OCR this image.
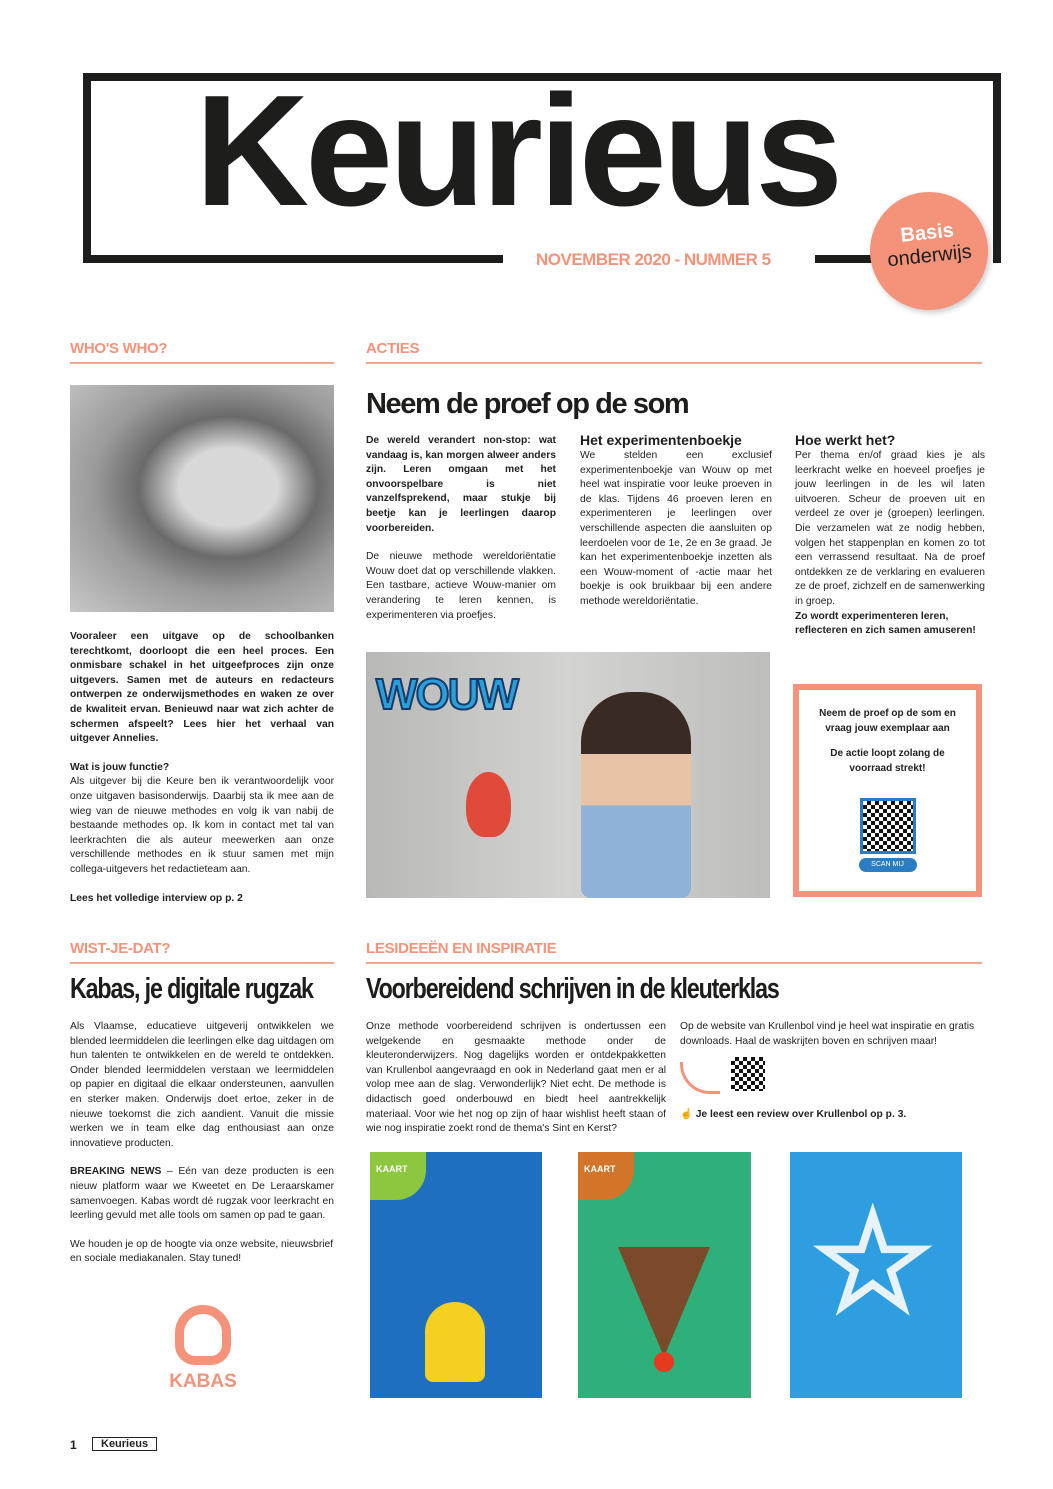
Keurieus
NOVEMBER 2020 - NUMMER 5
Basis
onderwijs
WHO'S WHO?	ACTIES

Vooraleer een uitgave op de schoolbanken terechtkomt, doorloopt die een heel proces. Een onmisbare schakel in het uitgeefproces zijn onze uitgevers. Samen met de auteurs en redacteurs ontwerpen ze onderwijsmethodes en waken ze over de kwaliteit ervan. Benieuwd naar wat zich achter de schermen afspeelt? Lees hier het verhaal van uitgever Annelies.

Wat is jouw functie?

Als uitgever bij die Keure ben ik verantwoordelijk voor onze uitgaven basisonderwijs. Daarbij sta ik mee aan de wieg van de nieuwe methodes en volg ik van nabij de bestaande methodes op. Ik kom in contact met tal van leerkrachten die als auteur meewerken aan onze verschillende methodes en ik stuur samen met mijn collega-uitgevers het redactieteam aan.

Lees het volledige interview op p. 2

Neem de proef op de som

De wereld verandert non-stop: wat vandaag is, kan morgen alweer anders zijn. Leren omgaan met het onvoorspelbare is niet vanzelfsprekend, maar stukje bij beetje kan je leerlingen daarop voorbereiden.

De nieuwe methode wereldoriëntatie Wouw doet dat op verschillende vlakken. Een tastbare, actieve Wouw-manier om verandering te leren kennen, is experimenteren via proefjes.

Het experimentenboekje

We stelden een exclusief experimentenboekje van Wouw op met heel wat inspiratie voor leuke proeven in de klas. Tijdens 46 proeven leren en experimenteren je leerlingen over verschillende aspecten die aansluiten op leerdoelen voor de 1e, 2e en 3e graad. Je kan het experimentenboekje inzetten als een Wouw-moment of -actie maar het boekje is ook bruikbaar bij een andere methode wereldoriëntatie.

Hoe werkt het?

Per thema en/of graad kies je als leerkracht welke en hoeveel proefjes je jouw leerlingen in de les wil laten uitvoeren. Scheur de proeven uit en verdeel ze over je (groepen) leerlingen. Die verzamelen wat ze nodig hebben, volgen het stappenplan en komen zo tot een verrassend resultaat. Na de proef ontdekken ze de verklaring en evalueren ze de proef, zichzelf en de samenwerking in groep.

Zo wordt experimenteren leren, reflecteren en zich samen amuseren!

WOUW	Neem de proef op de som en vraag jouw exemplaar aan
De actie loopt zolang de voorraad strekt!
SCAN MIJ
WIST-JE-DAT?	LESIDEEËN EN INSPIRATIE
Kabas, je digitale rugzak

Als Vlaamse, educatieve uitgeverij ontwikkelen we blended leermiddelen die leerlingen elke dag uitdagen om hun talenten te ontwikkelen en de wereld te ontdekken. Onder blended leermiddelen verstaan we leermiddelen op papier en digitaal die elkaar ondersteunen, aanvullen en sterker maken. Onderwijs doet ertoe, zeker in de nieuwe toekomst die zich aandient. Vanuit die missie werken we in team elke dag enthousiast aan onze innovatieve producten.

BREAKING NEWS – Eén van deze producten is een nieuw platform waar we Kweetet en De Leraarskamer samenvoegen. Kabas wordt dé rugzak voor leerkracht en leerling gevuld met alle tools om samen op pad te gaan.

We houden je op de hoogte via onze website, nieuwsbrief en sociale mediakanalen. Stay tuned!

KABAS
Voorbereidend schrijven in de kleuterklas

Onze methode voorbereidend schrijven is ondertussen een welgekende en gesmaakte methode onder de kleuteronderwijzers. Nog dagelijks worden er ontdekpakketten van Krullenbol aangevraagd en ook in Nederland gaat men er al volop mee aan de slag. Verwonderlijk? Niet echt. De methode is didactisch goed onderbouwd en biedt heel aantrekkelijk materiaal. Voor wie het nog op zijn of haar wishlist heeft staan of wie nog inspiratie zoekt rond de thema's Sint en Kerst?

Op de website van Krullenbol vind je heel wat inspiratie en gratis downloads. Haal de waskrijten boven en schrijven maar!

☝ Je leest een review over Krullenbol op p. 3.

KAART	KAART
☆
1	Keurieus
